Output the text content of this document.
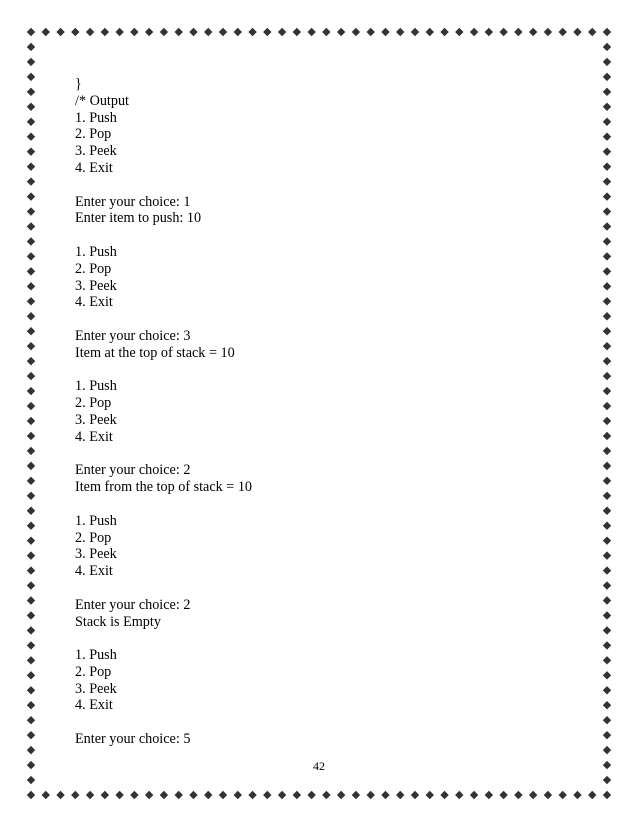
}
/* Output
1. Push
2. Pop
3. Peek
4. Exit
Enter your choice: 1
Enter item to push: 10
1. Push
2. Pop
3. Peek
4. Exit
Enter your choice: 3
Item at the top of stack = 10
1. Push
2. Pop
3. Peek
4. Exit
Enter your choice: 2
Item from the top of stack = 10
1. Push
2. Pop
3. Peek
4. Exit
Enter your choice: 2
Stack is Empty
1. Push
2. Pop
3. Peek
4. Exit
Enter your choice: 5
42
